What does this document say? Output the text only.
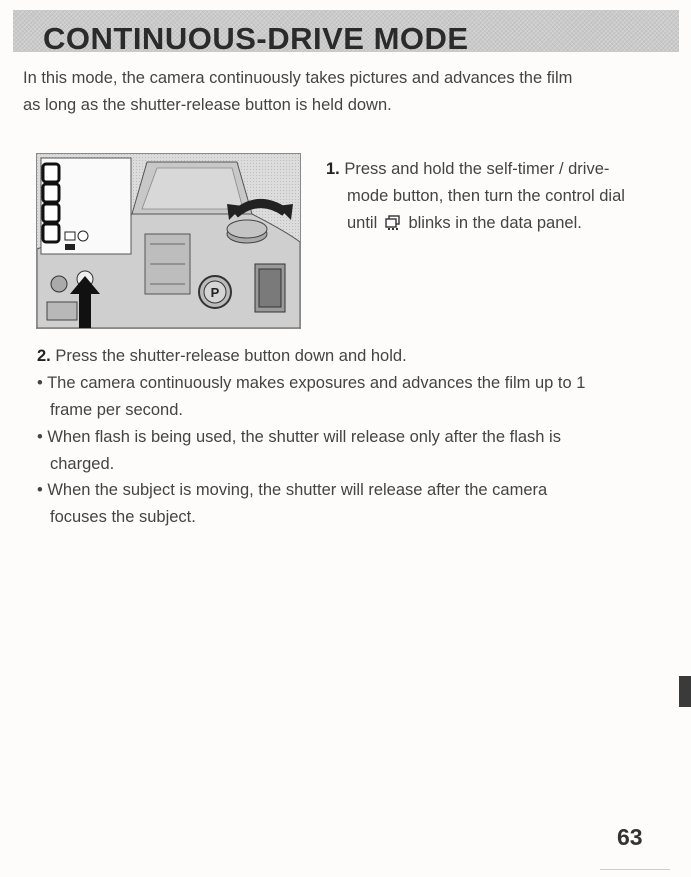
CONTINUOUS-DRIVE MODE
In this mode, the camera continuously takes pictures and advances the film
as long as the shutter-release button is held down.
P
1. Press and hold the self-timer / drive-
mode button, then turn the control dial
until blinks in the data panel.
2. Press the shutter-release button down and hold.
• The camera continuously makes exposures and advances the film up to 1
frame per second.
• When flash is being used, the shutter will release only after the flash is
charged.
• When the subject is moving, the shutter will release after the camera
focuses the subject.
63
